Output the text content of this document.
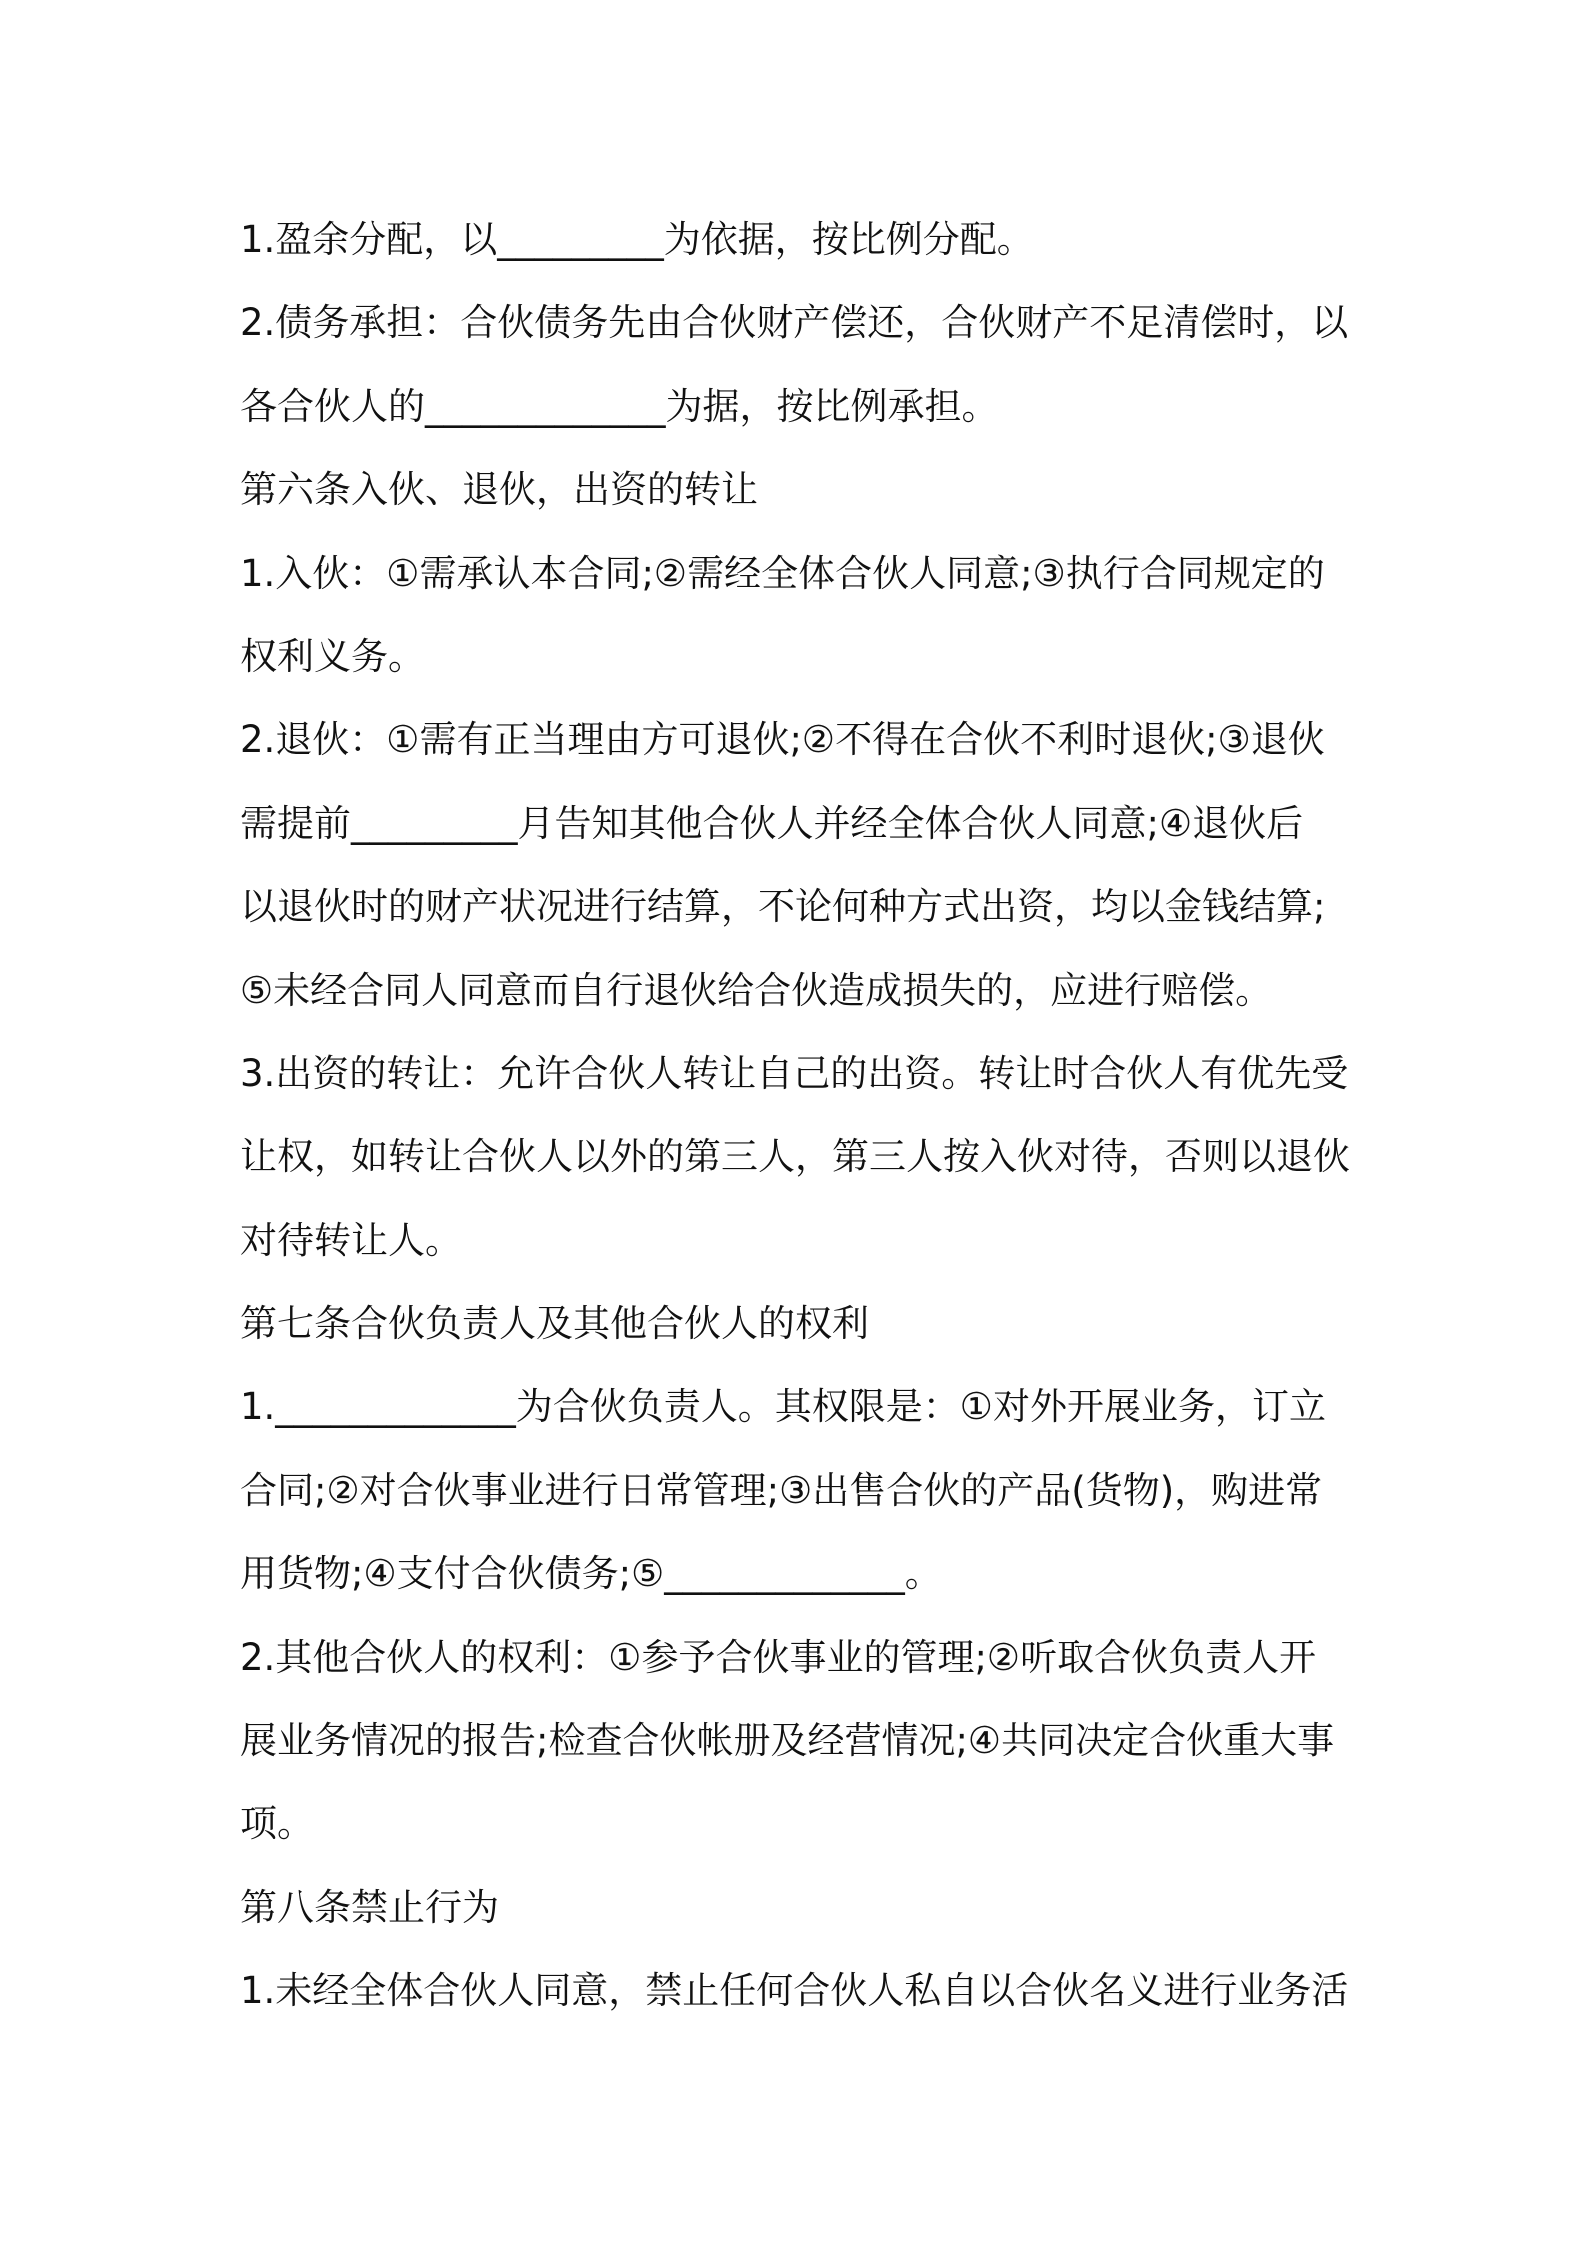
1.盈余分配，以_________为依据，按比例分配。
2.债务承担：合伙债务先由合伙财产偿还，合伙财产不足清偿时，以
各合伙人的_____________为据，按比例承担。
第六条入伙、退伙，出资的转让
1.入伙：①需承认本合同;②需经全体合伙人同意;③执行合同规定的
权利义务。
2.退伙：①需有正当理由方可退伙;②不得在合伙不利时退伙;③退伙
需提前_________月告知其他合伙人并经全体合伙人同意;④退伙后
以退伙时的财产状况进行结算，不论何种方式出资，均以金钱结算;
⑤未经合同人同意而自行退伙给合伙造成损失的，应进行赔偿。
3.出资的转让：允许合伙人转让自己的出资。转让时合伙人有优先受
让权，如转让合伙人以外的第三人，第三人按入伙对待，否则以退伙
对待转让人。
第七条合伙负责人及其他合伙人的权利
1._____________为合伙负责人。其权限是：①对外开展业务，订立
合同;②对合伙事业进行日常管理;③出售合伙的产品(货物)，购进常
用货物;④支付合伙债务;⑤_____________。
2.其他合伙人的权利：①参予合伙事业的管理;②听取合伙负责人开
展业务情况的报告;检查合伙帐册及经营情况;④共同决定合伙重大事
项。
第八条禁止行为
1.未经全体合伙人同意，禁止任何合伙人私自以合伙名义进行业务活
